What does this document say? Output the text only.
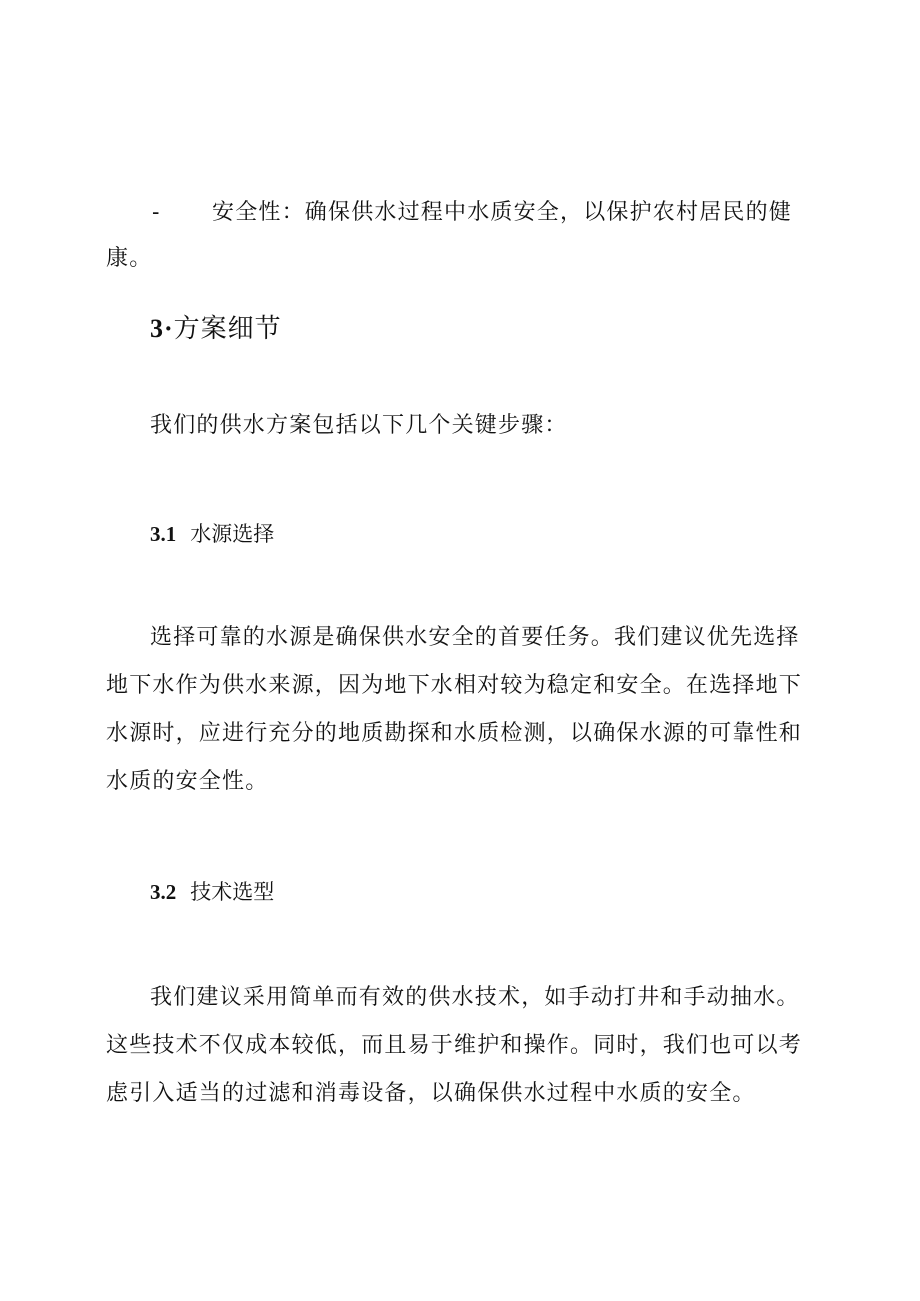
- 安全性：确保供水过程中水质安全，以保护农村居民的健康。

3·方案细节

我们的供水方案包括以下几个关键步骤：

3.1 水源选择

选择可靠的水源是确保供水安全的首要任务。我们建议优先选择地下水作为供水来源，因为地下水相对较为稳定和安全。在选择地下水源时，应进行充分的地质勘探和水质检测，以确保水源的可靠性和水质的安全性。

3.2 技术选型

我们建议采用简单而有效的供水技术，如手动打井和手动抽水。这些技术不仅成本较低，而且易于维护和操作。同时，我们也可以考虑引入适当的过滤和消毒设备，以确保供水过程中水质的安全。
